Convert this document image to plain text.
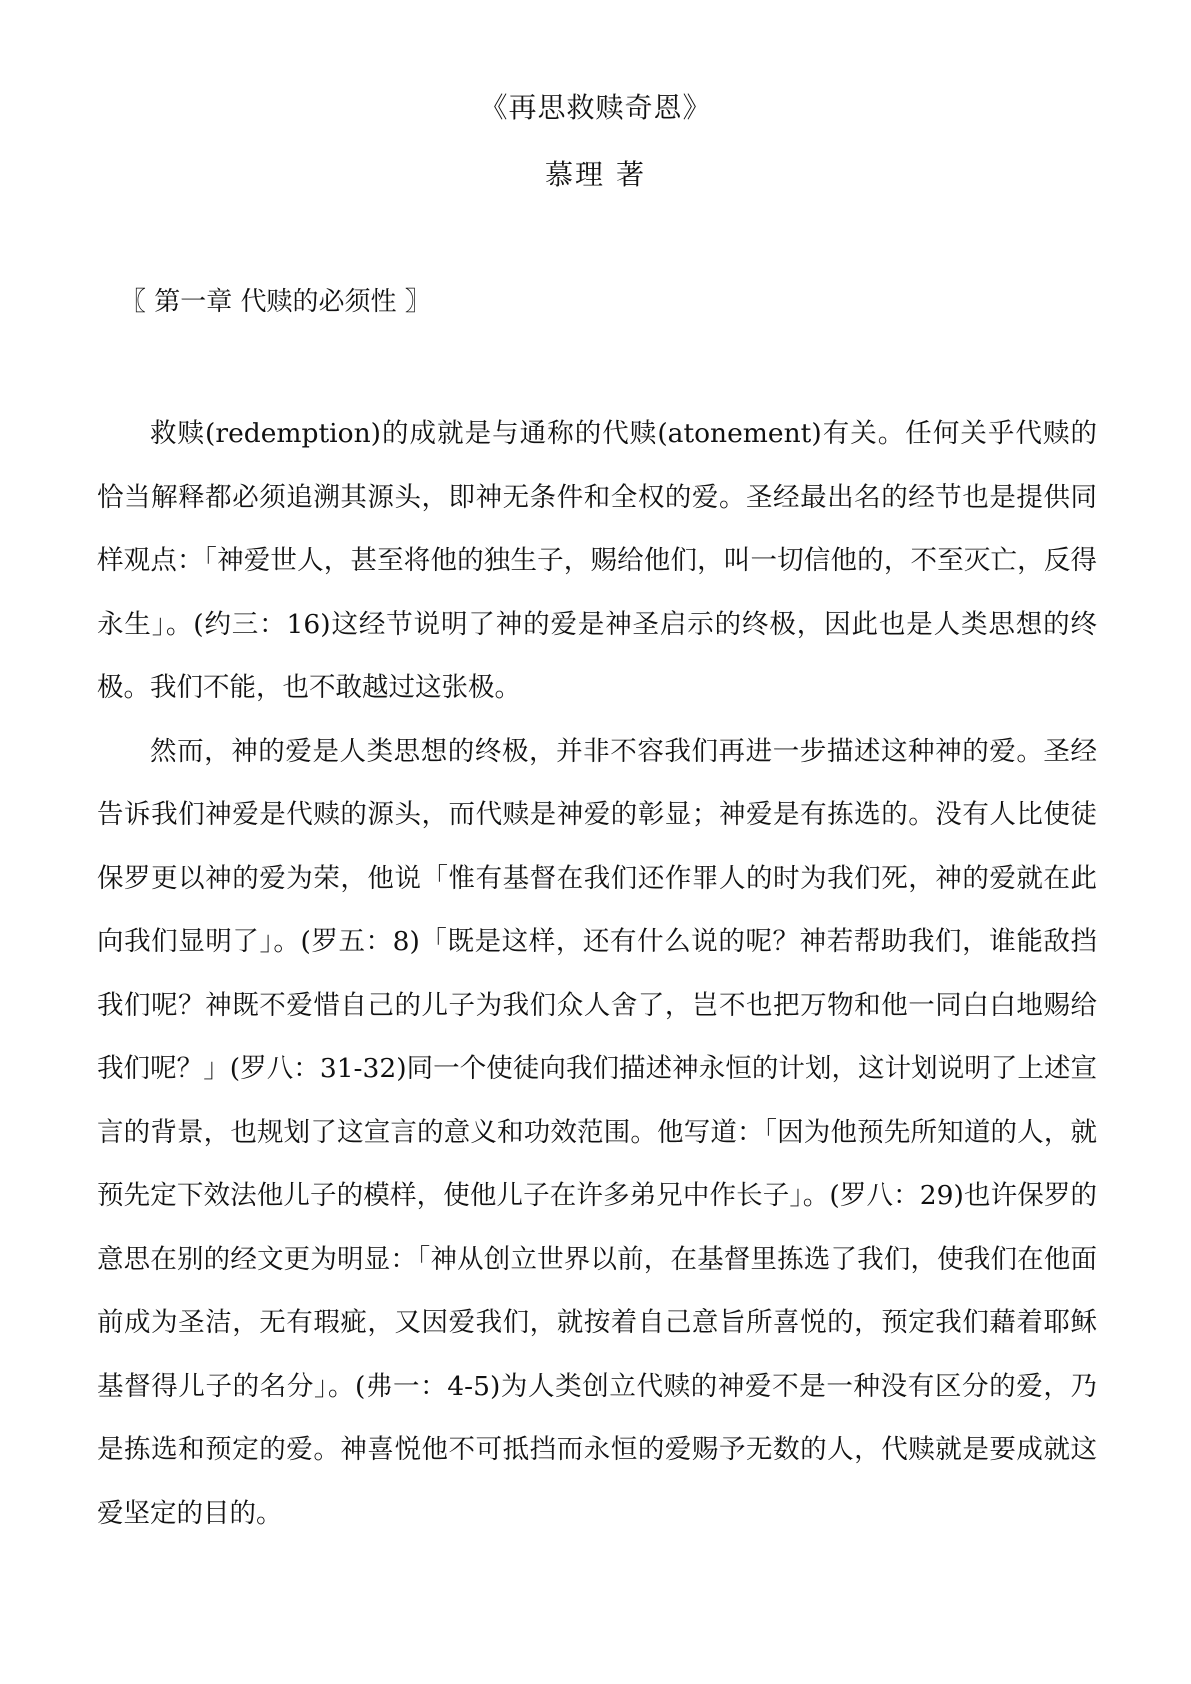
《再思救赎奇恩》
慕理 著
〖 第一章 代赎的必须性 〗

救赎(redemption)的成就是与通称的代赎(atonement)有关。任何关乎代赎的恰当解释都必须追溯其源头，即神无条件和全权的爱。圣经最出名的经节也是提供同样观点：「神爱世人，甚至将他的独生子，赐给他们，叫一切信他的，不至灭亡，反得永生」。(约三：16)这经节说明了神的爱是神圣启示的终极，因此也是人类思想的终极。我们不能，也不敢越过这张极。

然而，神的爱是人类思想的终极，并非不容我们再进一步描述这种神的爱。圣经告诉我们神爱是代赎的源头，而代赎是神爱的彰显；神爱是有拣选的。没有人比使徒保罗更以神的爱为荣，他说「惟有基督在我们还作罪人的时为我们死，神的爱就在此向我们显明了」。(罗五：8)「既是这样，还有什么说的呢？神若帮助我们，谁能敌挡我们呢？神既不爱惜自己的儿子为我们众人舍了，岂不也把万物和他一同白白地赐给我们呢？」(罗八：31-32)同一个使徒向我们描述神永恒的计划，这计划说明了上述宣言的背景，也规划了这宣言的意义和功效范围。他写道：「因为他预先所知道的人，就预先定下效法他儿子的模样，使他儿子在许多弟兄中作长子」。(罗八：29)也许保罗的意思在别的经文更为明显：「神从创立世界以前，在基督里拣选了我们，使我们在他面前成为圣洁，无有瑕疵，又因爱我们，就按着自己意旨所喜悦的，预定我们藉着耶稣基督得儿子的名分」。(弗一：4-5)为人类创立代赎的神爱不是一种没有区分的爱，乃是拣选和预定的爱。神喜悦他不可抵挡而永恒的爱赐予无数的人，代赎就是要成就这爱坚定的目的。
